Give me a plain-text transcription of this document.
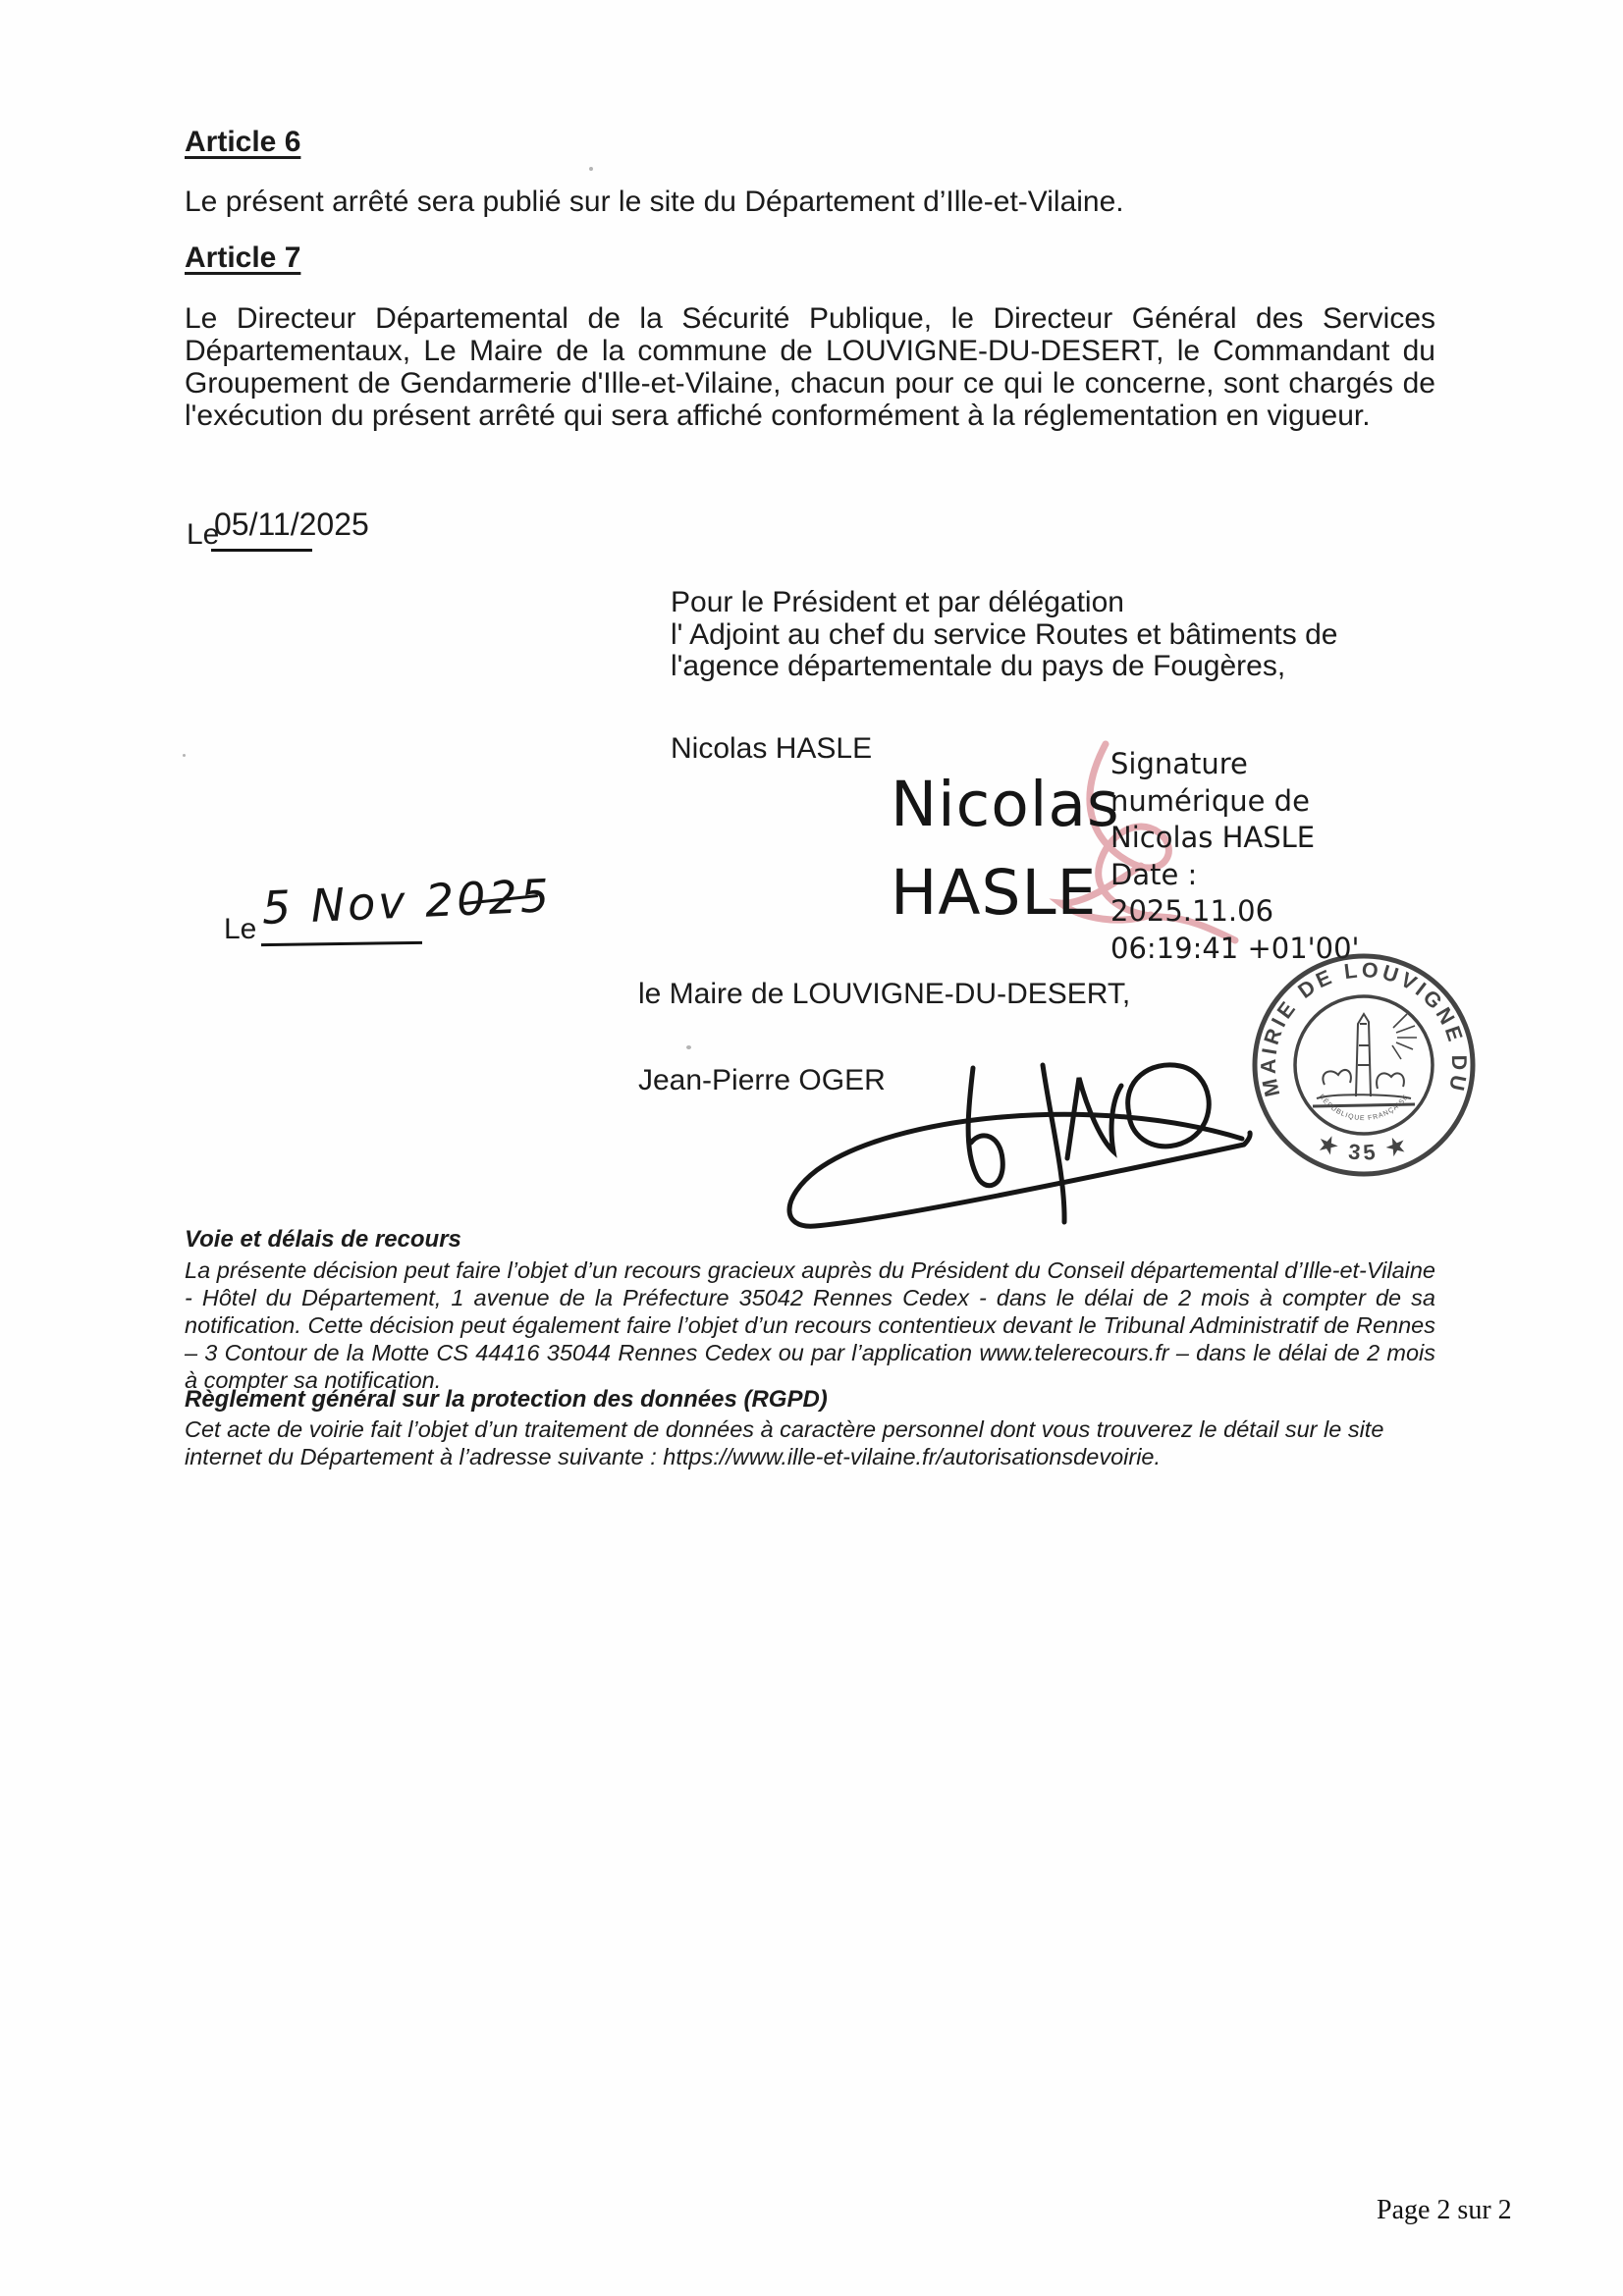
Article 6
Le présent arrêté sera publié sur le site du Département d’Ille-et-Vilaine.
Article 7
Le Directeur Départemental de la Sécurité Publique, le Directeur Général des Services Départementaux, Le Maire de la commune de LOUVIGNE-DU-DESERT, le Commandant du Groupement de Gendarmerie d'Ille-et-Vilaine, chacun pour ce qui le concerne, sont chargés de l'exécution du présent arrêté qui sera affiché conformément à la réglementation en vigueur.
Le
05/11/2025
Pour le Président et par délégation
l' Adjoint au chef du service Routes et bâtiments de
l'agence départementale du pays de Fougères,
Nicolas HASLE
Nicolas
HASLE
Signature
numérique de
Nicolas HASLE
Date :
2025.11.06
06:19:41 +01'00'
Le 5 Nov 2025
le Maire de LOUVIGNE-DU-DESERT,
Jean-Pierre OGER	MAIRIE DE LOUVIGNE DU DESERT
★ 35 ★
RÉPUBLIQUE FRANÇAISE
Voie et délais de recours
La présente décision peut faire l’objet d’un recours gracieux auprès du Président du Conseil départemental d’Ille-et-Vilaine - Hôtel du Département, 1 avenue de la Préfecture 35042 Rennes Cedex - dans le délai de 2 mois à compter de sa notification. Cette décision peut également faire l’objet d’un recours contentieux devant le Tribunal Administratif de Rennes – 3 Contour de la Motte CS 44416 35044 Rennes Cedex ou par l’application www.telerecours.fr – dans le délai de 2 mois à compter sa notification.
Règlement général sur la protection des données (RGPD)
Cet acte de voirie fait l’objet d’un traitement de données à caractère personnel dont vous trouverez le détail sur le site internet du Département à l’adresse suivante : https://www.ille-et-vilaine.fr/autorisationsdevoirie.
Page 2 sur 2
